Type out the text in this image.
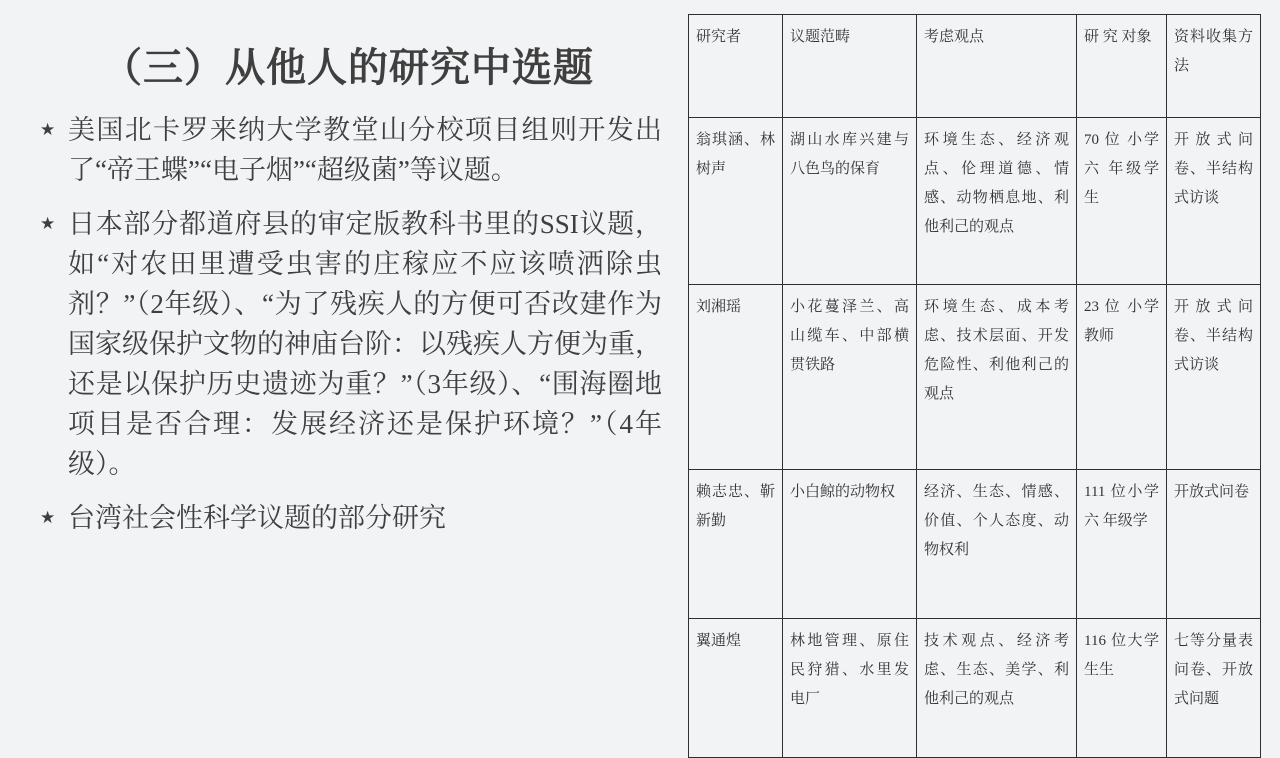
（三）从他人的研究中选题
★ 美国北卡罗来纳大学教堂山分校项目组则开发出了“帝王蝶”“电子烟”“超级菌”等议题。
★ 日本部分都道府县的审定版教科书里的SSI议题，如“对农田里遭受虫害的庄稼应不应该喷洒除虫剂？”（2年级）、“为了残疾人的方便可否改建作为国家级保护文物的神庙台阶：以残疾人方便为重，还是以保护历史遗迹为重？”（3年级）、“围海圈地项目是否合理：发展经济还是保护环境？”（4年级）。
★ 台湾社会性科学议题的部分研究
研究者	议题范畴	考虑观点	研 究 对象	资料收集方法
翁琪涵、林树声	湖山水库兴建与八色鸟的保育	环境生态、经济观点、伦理道德、情感、动物栖息地、利他利己的观点	70 位 小学 六 年级学生	开 放 式 问卷、半结构式访谈
刘湘瑶	小花蔓泽兰、高山缆车、中部横贯铁路	环境生态、成本考虑、技术层面、开发危险性、利他利己的观点	23 位 小学教师	开 放 式 问卷、半结构式访谈
赖志忠、靳新勤	小白鲸的动物权	经济、生态、情感、价值、个人态度、动物权利	111 位小学 六 年级学	开放式问卷
翼通煌	林地管理、原住民狩猎、水里发电厂	技术观点、经济考虑、生态、美学、利他利己的观点	116 位大学生生	七等分量表问卷、开放式问题
